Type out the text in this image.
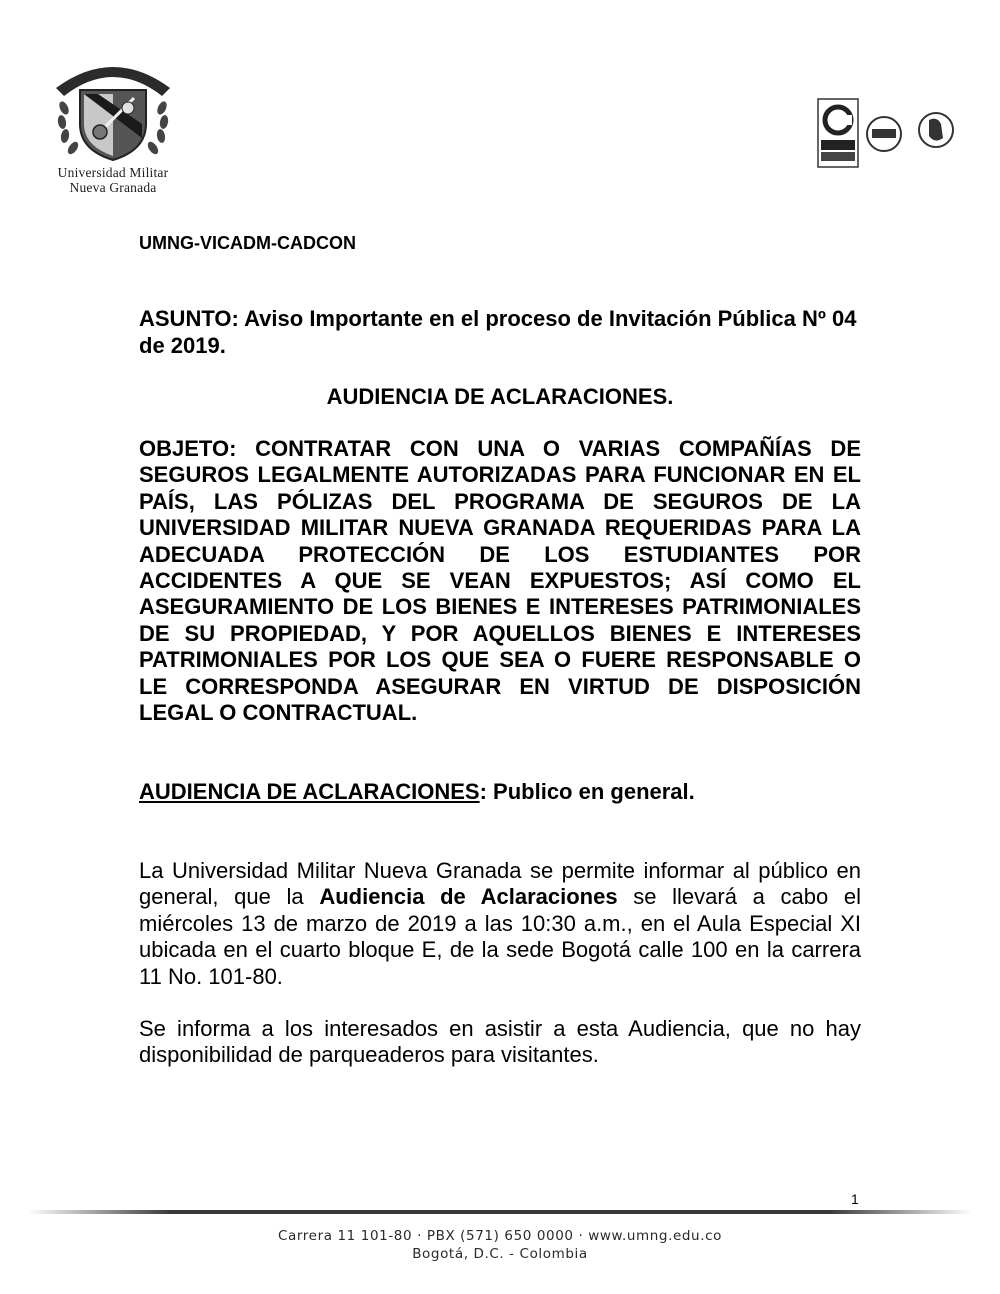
Universidad Militar
Nueva Granada
UMNG-VICADM-CADCON
ASUNTO: Aviso Importante en el proceso de Invitación Pública Nº 04 de 2019.
AUDIENCIA DE ACLARACIONES.
OBJETO: CONTRATAR CON UNA O VARIAS COMPAÑÍAS DE SEGUROS LEGALMENTE AUTORIZADAS PARA FUNCIONAR EN EL PAÍS, LAS PÓLIZAS DEL PROGRAMA DE SEGUROS DE LA UNIVERSIDAD MILITAR NUEVA GRANADA REQUERIDAS PARA LA ADECUADA PROTECCIÓN DE LOS ESTUDIANTES POR ACCIDENTES A QUE SE VEAN EXPUESTOS; ASÍ COMO EL ASEGURAMIENTO DE LOS BIENES E INTERESES PATRIMONIALES DE SU PROPIEDAD, Y POR AQUELLOS BIENES E INTERESES PATRIMONIALES POR LOS QUE SEA O FUERE RESPONSABLE O LE CORRESPONDA ASEGURAR EN VIRTUD DE DISPOSICIÓN LEGAL O CONTRACTUAL.
AUDIENCIA DE ACLARACIONES: Publico en general.
La Universidad Militar Nueva Granada se permite informar al público en general, que la Audiencia de Aclaraciones se llevará a cabo el miércoles 13 de marzo de 2019 a las 10:30 a.m., en el Aula Especial XI ubicada en el cuarto bloque E, de la sede Bogotá calle 100 en la carrera 11 No. 101-80.
Se informa a los interesados en asistir a esta Audiencia, que no hay disponibilidad de parqueaderos para visitantes.
1
Carrera 11 101-80 · PBX (571) 650 0000 · www.umng.edu.co
Bogotá, D.C. - Colombia
